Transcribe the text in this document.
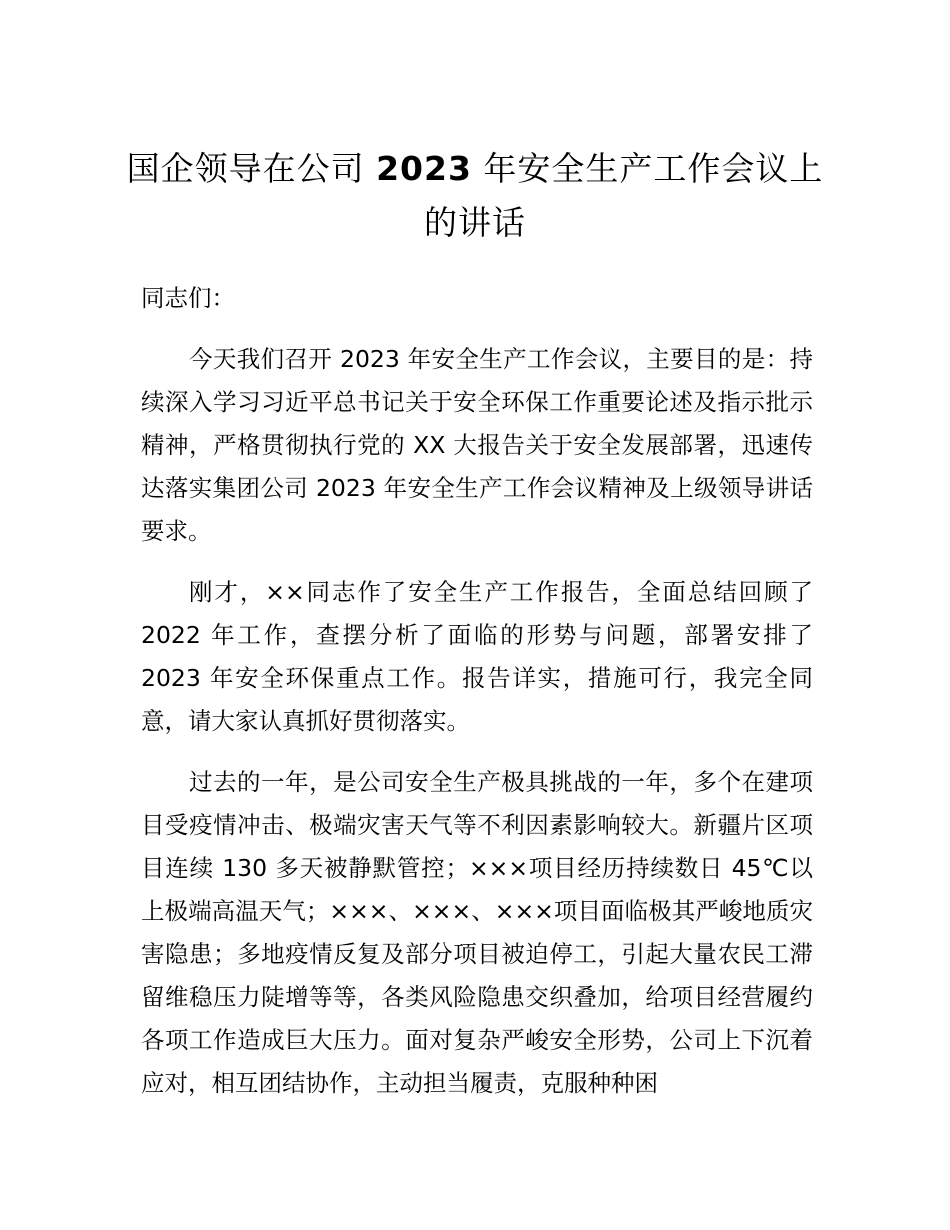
国企领导在公司 2023 年安全生产工作会议上的讲话

同志们：

今天我们召开 2023 年安全生产工作会议，主要目的是：持续深入学习习近平总书记关于安全环保工作重要论述及指示批示精神，严格贯彻执行党的 XX 大报告关于安全发展部署，迅速传达落实集团公司 2023 年安全生产工作会议精神及上级领导讲话要求。

刚才，××同志作了安全生产工作报告，全面总结回顾了 2022 年工作，查摆分析了面临的形势与问题，部署安排了 2023 年安全环保重点工作。报告详实，措施可行，我完全同意，请大家认真抓好贯彻落实。

过去的一年，是公司安全生产极具挑战的一年，多个在建项目受疫情冲击、极端灾害天气等不利因素影响较大。新疆片区项目连续 130 多天被静默管控；×××项目经历持续数日 45℃以上极端高温天气；×××、×××、×××项目面临极其严峻地质灾害隐患；多地疫情反复及部分项目被迫停工，引起大量农民工滞留维稳压力陡增等等，各类风险隐患交织叠加，给项目经营履约各项工作造成巨大压力。面对复杂严峻安全形势，公司上下沉着应对，相互团结协作，主动担当履责，克服种种困
